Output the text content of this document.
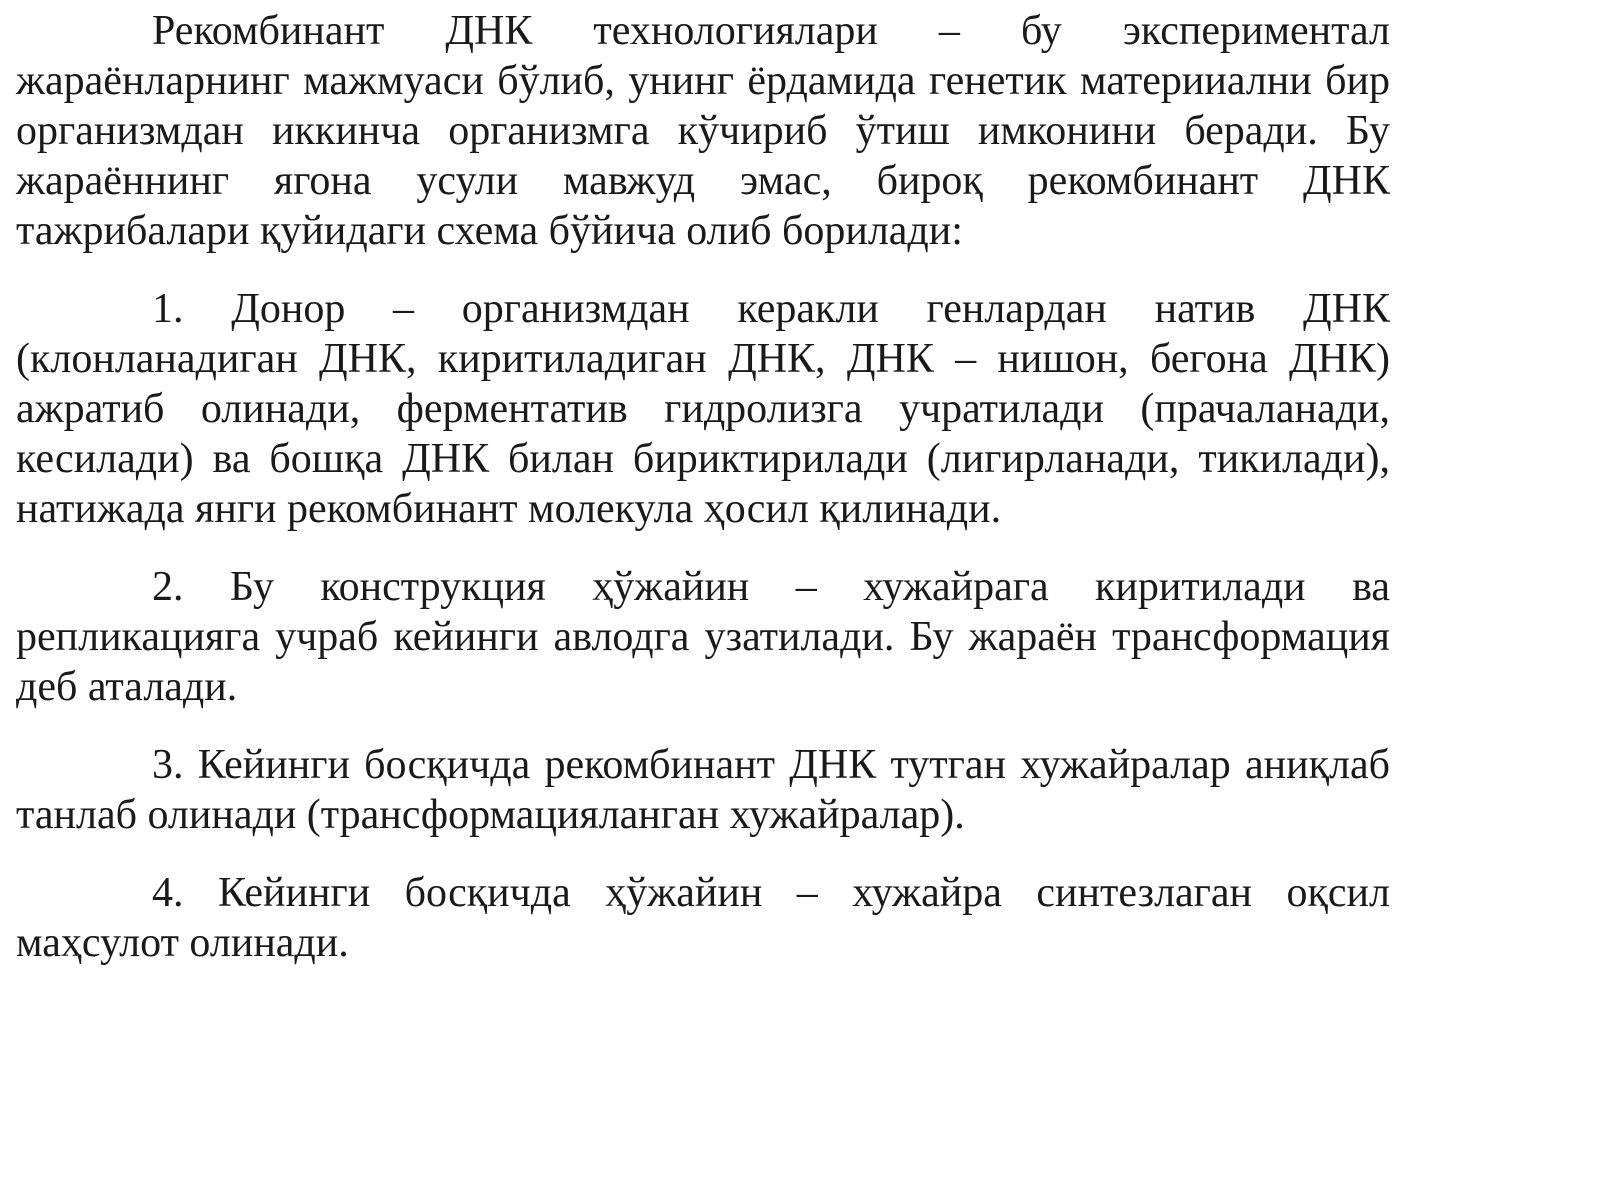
Рекомбинант ДНК технологиялари – бу экспериментал жараёнларнинг мажмуаси бўлиб, унинг ёрдамида генетик материиални бир организмдан иккинча организмга кўчириб ўтиш имконини беради. Бу жараённинг ягона усули мавжуд эмас, бироқ рекомбинант ДНК тажрибалари қуйидаги схема бўйича олиб борилади:

1. Донор – организмдан керакли генлардан натив ДНК (клонланадиган ДНК, киритиладиган ДНК, ДНК – нишон, бегона ДНК) ажратиб олинади, ферментатив гидролизга учратилади (прачаланади, кесилади) ва бошқа ДНК билан бириктирилади (лигирланади, тикилади), натижада янги рекомбинант молекула ҳосил қилинади.

2. Бу конструкция ҳўжайин – хужайрага киритилади ва репликацияга учраб кейинги авлодга узатилади. Бу жараён трансформация деб аталади.

3. Кейинги босқичда рекомбинант ДНК тутган хужайралар аниқлаб танлаб олинади (трансформацияланган хужайралар).

4. Кейинги босқичда ҳўжайин – хужайра синтезлаган оқсил маҳсулот олинади.
